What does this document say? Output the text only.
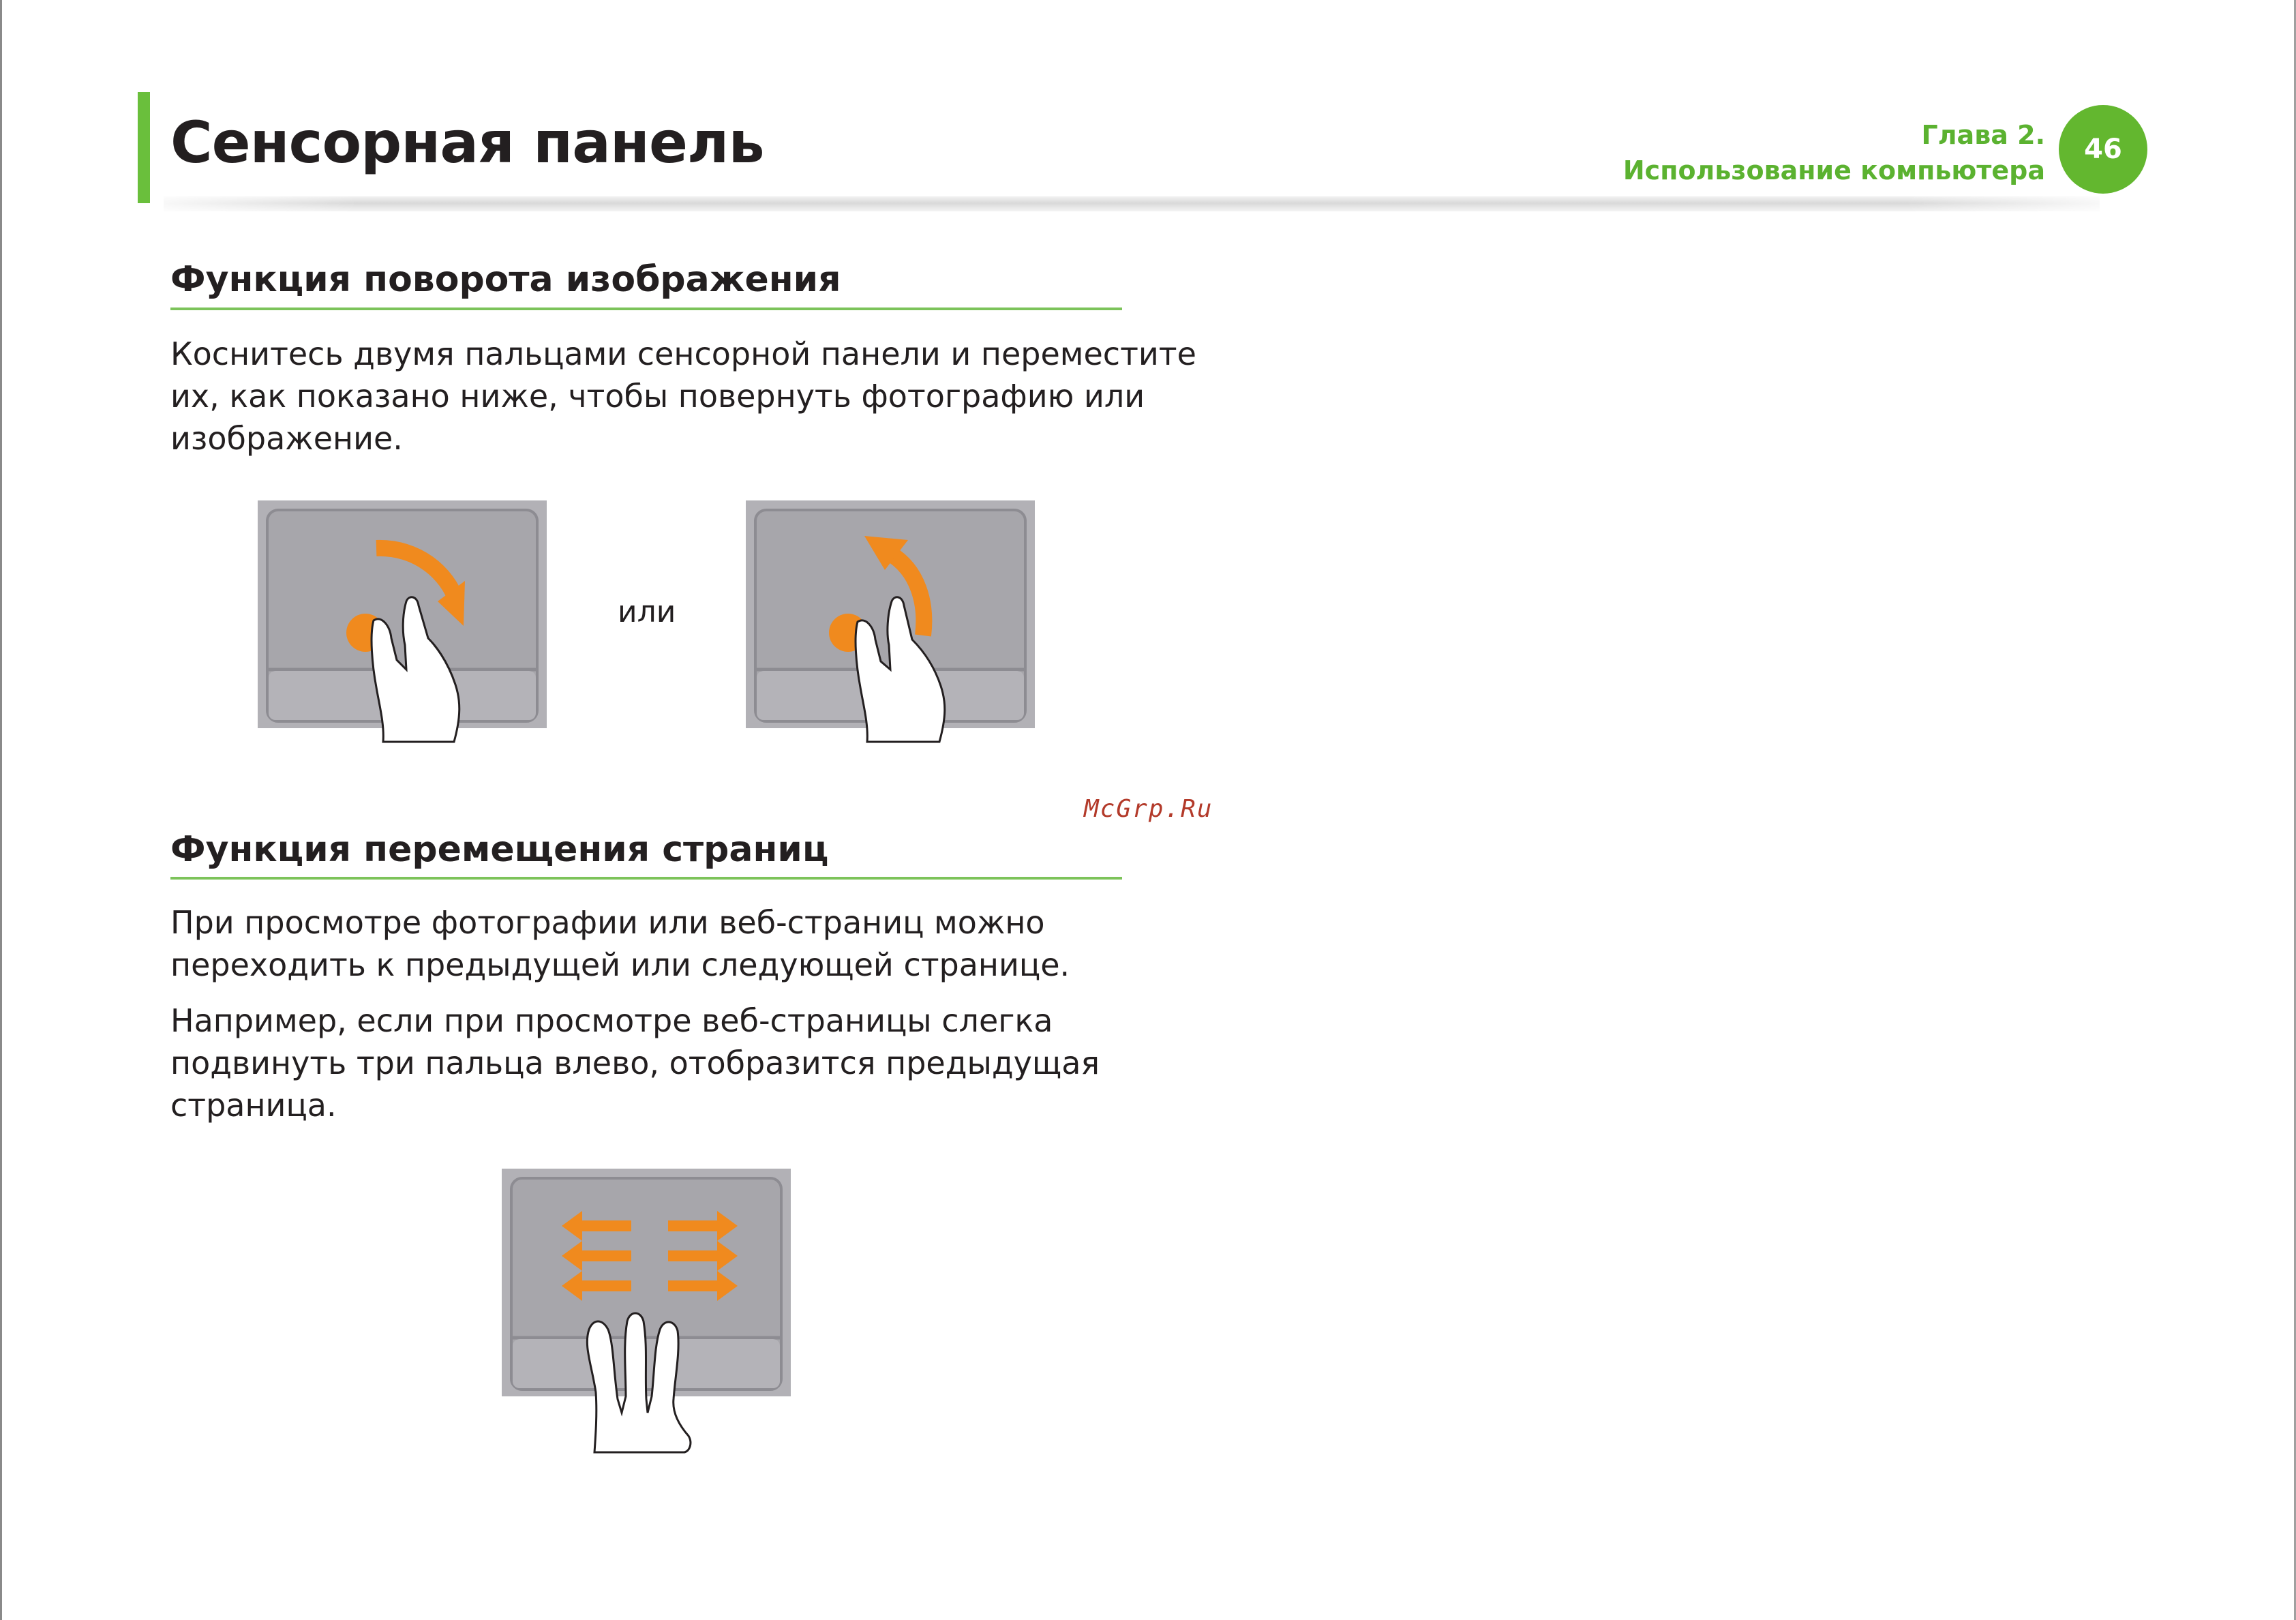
Сенсорная панель	Глава 2.
Использование компьютера
46
Функция поворота изображения
Коснитесь двумя пальцами сенсорной панели и переместите
их, как показано ниже, чтобы повернуть фотографию или
изображение.
или
McGrp.Ru
Функция перемещения страниц
При просмотре фотографии или веб-страниц можно
переходить к предыдущей или следующей странице.
Например, если при просмотре веб-страницы слегка
подвинуть три пальца влево, отобразится предыдущая
страница.
